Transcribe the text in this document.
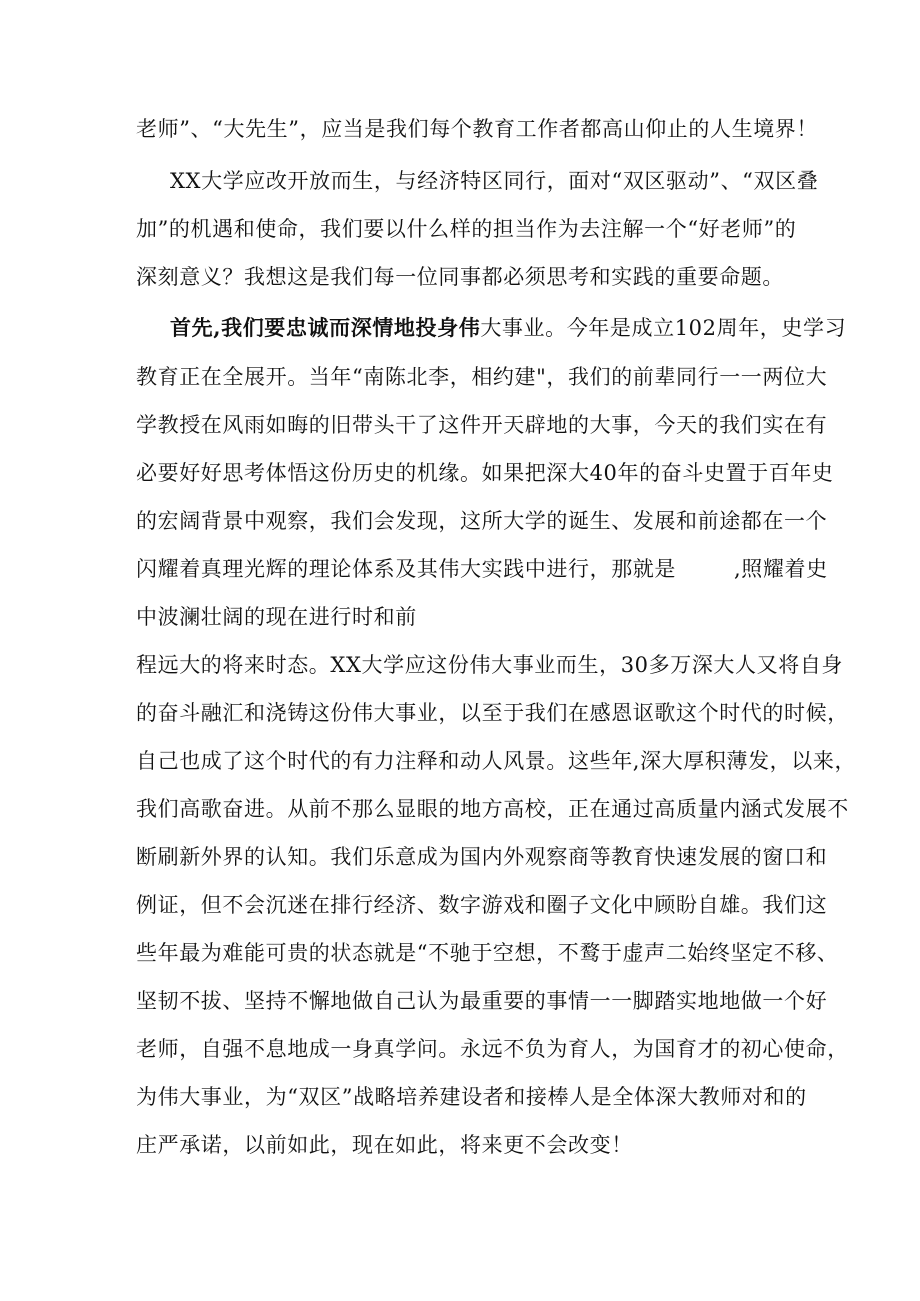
老师”、“大先生”，应当是我们每个教育工作者都高山仰止的人生境界！
XX大学应改开放而生，与经济特区同行，面对“双区驱动”、“双区叠
加”的机遇和使命，我们要以什么样的担当作为去注解一个“好老师”的
深刻意义？我想这是我们每一位同事都必须思考和实践的重要命题。
首先,我们要忠诚而深情地投身伟大事业。今年是成立102周年，史学习
教育正在全展开。当年“南陈北李，相约建"，我们的前辈同行一一两位大
学教授在风雨如晦的旧带头干了这件开天辟地的大事，今天的我们实在有
必要好好思考体悟这份历史的机缘。如果把深大40年的奋斗史置于百年史
的宏阔背景中观察，我们会发现，这所大学的诞生、发展和前途都在一个
闪耀着真理光辉的理论体系及其伟大实践中进行，那就是	,照耀着史
中波澜壮阔的现在进行时和前
程远大的将来时态。XX大学应这份伟大事业而生，30多万深大人又将自身
的奋斗融汇和浇铸这份伟大事业，以至于我们在感恩讴歌这个时代的时候，
自己也成了这个时代的有力注释和动人风景。这些年,深大厚积薄发，以来，
我们高歌奋进。从前不那么显眼的地方高校，正在通过高质量内涵式发展不
断刷新外界的认知。我们乐意成为国内外观察商等教育快速发展的窗口和
例证，但不会沉迷在排行经济、数字游戏和圈子文化中顾盼自雄。我们这
些年最为难能可贵的状态就是“不驰于空想，不鹜于虚声二始终坚定不移、
坚韧不拔、坚持不懈地做自己认为最重要的事情一一脚踏实地地做一个好
老师，自强不息地成一身真学问。永远不负为育人，为国育才的初心使命，
为伟大事业，为“双区”战略培养建设者和接棒人是全体深大教师对和的
庄严承诺，以前如此，现在如此，将来更不会改变！
